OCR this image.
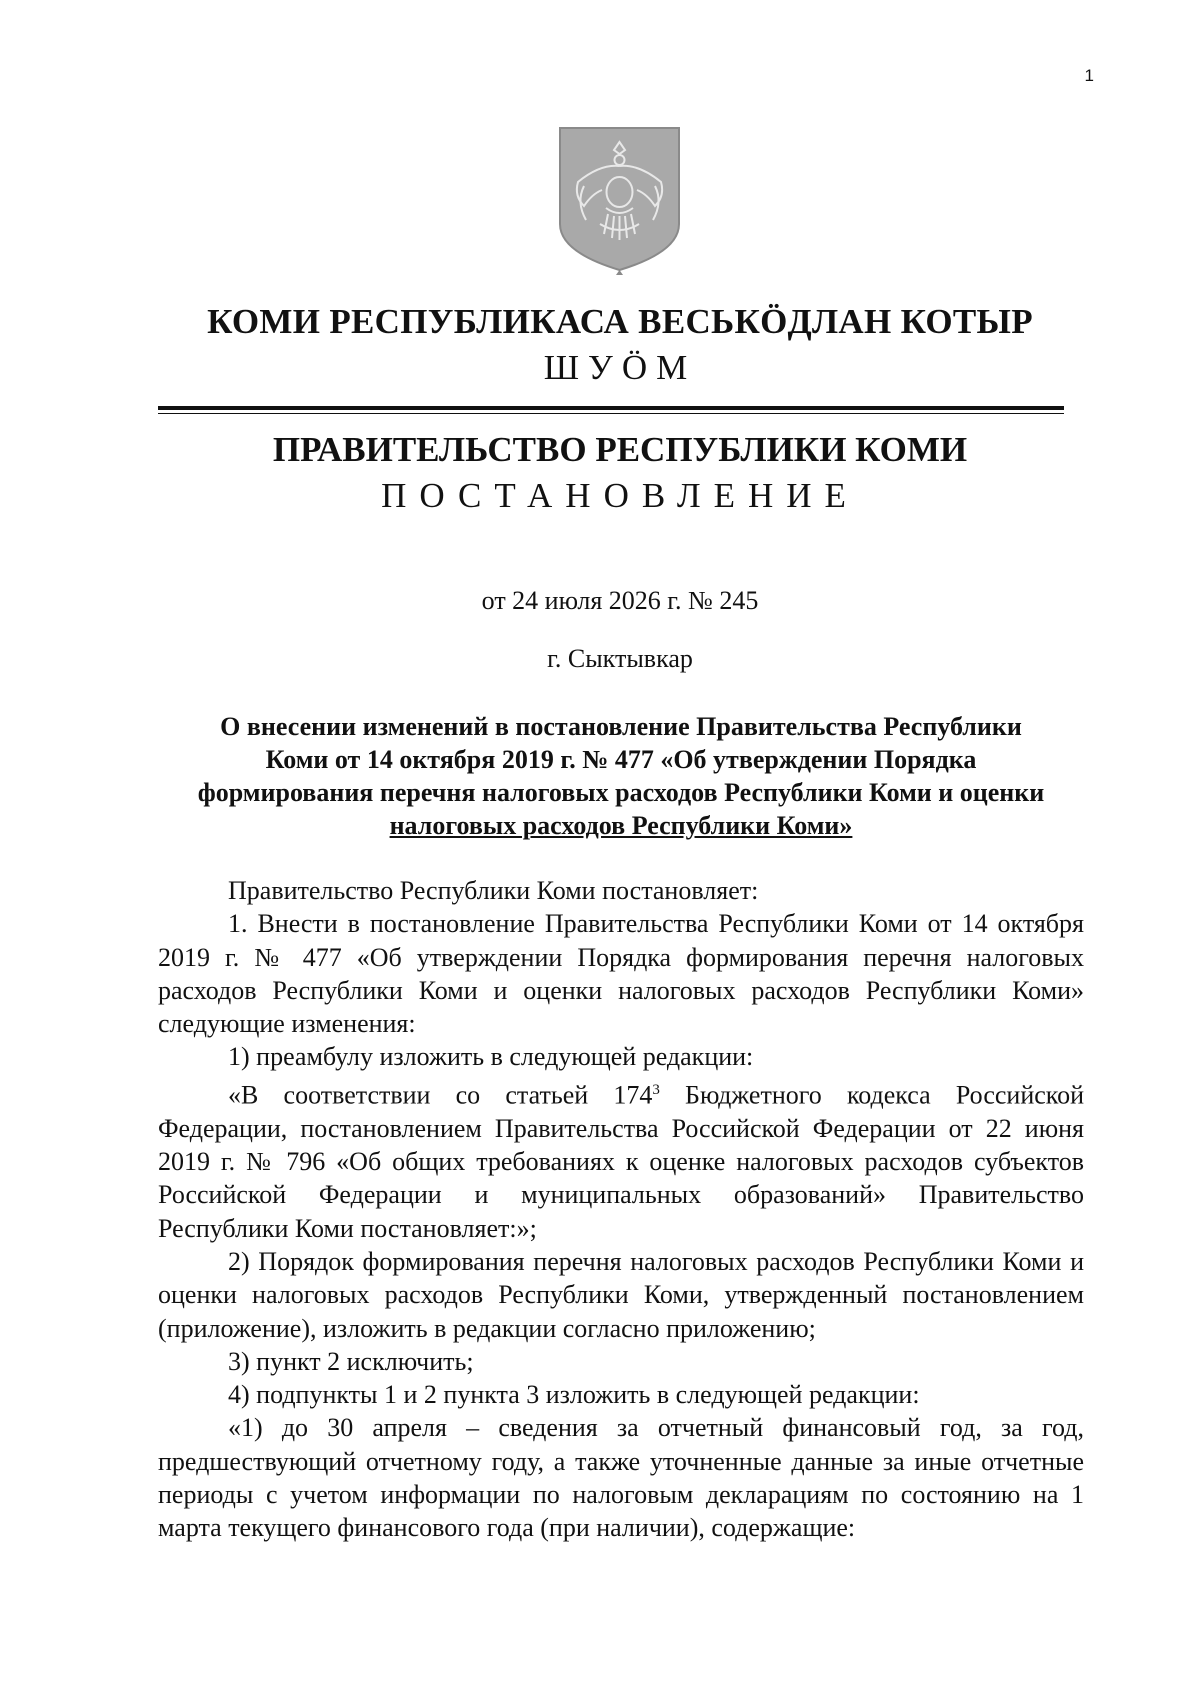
1
КОМИ РЕСПУБЛИКАСА ВЕСЬКӦДЛАН КОТЫР
ШУӦМ
ПРАВИТЕЛЬСТВО РЕСПУБЛИКИ КОМИ
ПОСТАНОВЛЕНИЕ
от 24 июля 2026 г. № 245
г. Сыктывкар
О внесении изменений в постановление Правительства Республики
Коми от 14 октября 2019 г. № 477 «Об утверждении Порядка
формирования перечня налоговых расходов Республики Коми и оценки
налоговых расходов Республики Коми»

Правительство Республики Коми постановляет:

1. Внести в постановление Правительства Республики Коми от 14 октября 2019 г. № 477 «Об утверждении Порядка формирования перечня налоговых расходов Республики Коми и оценки налоговых расходов Республики Коми» следующие изменения:

1) преамбулу изложить в следующей редакции:

«В соответствии со статьей $174^3$ Бюджетного кодекса Российской Федерации, постановлением Правительства Российской Федерации от 22 июня 2019 г. № 796 «Об общих требованиях к оценке налоговых расходов субъектов Российской Федерации и муниципальных образований» Правительство Республики Коми постановляет:»;

2) Порядок формирования перечня налоговых расходов Республики Коми и оценки налоговых расходов Республики Коми, утвержденный постановлением (приложение), изложить в редакции согласно приложению;

3) пункт 2 исключить;

4) подпункты 1 и 2 пункта 3 изложить в следующей редакции:

«1) до 30 апреля – сведения за отчетный финансовый год, за год, предшествующий отчетному году, а также уточненные данные за иные отчетные периоды с учетом информации по налоговым декларациям по состоянию на 1 марта текущего финансового года (при наличии), содержащие:
